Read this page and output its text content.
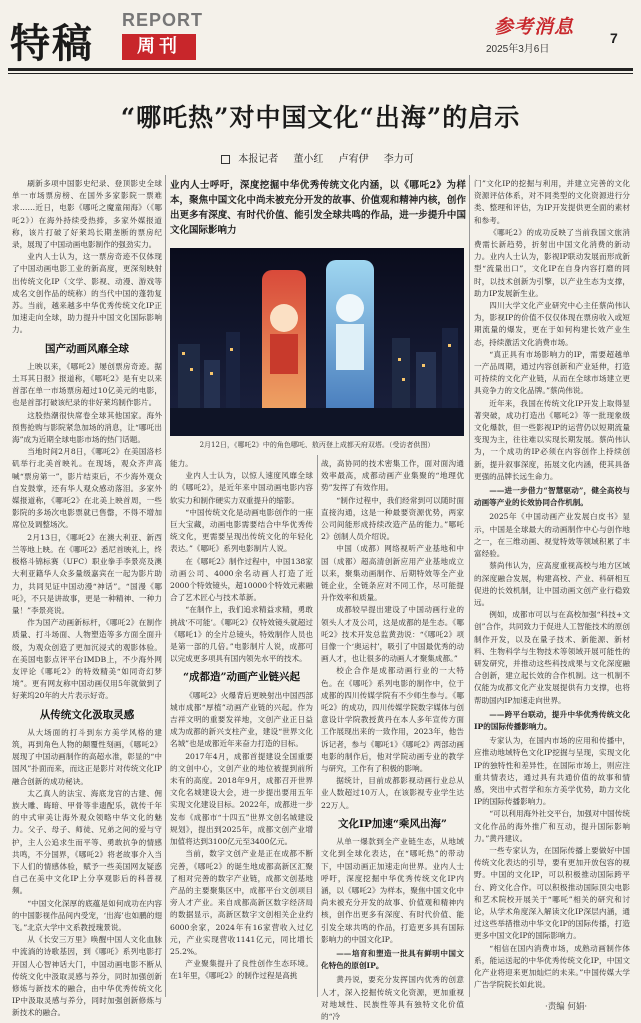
特稿 REPORT
周刊
参考消息
2025年3月6日
7
“哪吒热”对中国文化“出海”的启示
本报记者 董小红 卢宥伊 李力可
业内人士呼吁，深度挖掘中华优秀传统文化内涵，以《哪吒2》为样本，聚焦中国文化中尚未被充分开发的故事、价值观和精神内核，创作出更多有深度、有时代价值、能引发全球共鸣的作品，进一步提升中国文化国际影响力
2月12日，《哪吒2》中的角色哪吒、敖丙登上成都天府双塔。（受访者供图）

刷新多项中国影史纪录、登顶影史全球单一市场票房榜、在国外多家影院一票难求……近日，电影《哪吒之魔童闹海》（《哪吒2》）在海外持续受热捧，多家外媒报道称，该片打破了好莱坞长期垄断的票房纪录，展现了中国动画电影制作的强劲实力。

业内人士认为，这一票房奇迹不仅体现了中国动画电影工业的新高度，更深刻映射出传统文化IP（文学、影视、动漫、游戏等成名文创作品的统称）的当代中国的蓬勃复苏。当前，越来越多中华优秀传统文化IP正加速走向全球，助力提升中国文化国际影响力。

国产动画风靡全球

上映以来，《哪吒2》屡创票房奇迹。据土耳其日报》报道称，《哪吒2》是有史以来首部在单一市场票房超过10亿美元的电影，也是首部打破该纪录的非好莱坞制作影片。

这股热潮很快席卷全球其他国家。海外预售抢购与影院紧急加场的消息，让“哪吒出海”成为近期全球电影市场的热门话题。

当地时间2月8日，《哪吒2》在美国洛杉矶举行北美首映礼。在现场，观众齐声高喊“票房第一”，影片结束后，不少海外观众自发鼓掌，还有华人观众感动落泪。多家外媒报道称，《哪吒2》在北美上映首周，一些影院的多场次电影票就已售罄，不得不增加席位及调整场次。

2月13日，《哪吒2》在澳大利亚、新西兰等地上映。在《哪吒2》悉尼首映礼上，终极格斗锦标赛（UFC）职业拳手李景亮及澳大利亚籍华人众多量级嘉宾在一起为影片助力，共同见证中国动漫“神话”。“国漫《哪吒》，不只是讲故事，更是一种精神、一种力量！”李景亮说。

作为国产动画新标杆，《哪吒2》在制作质量、打斗场面、人物塑造等多方面全面升级，为观众创造了更加沉浸式的观影体验。在美国电影点评平台IMDB上，不少海外网友评论《哪吒2》的特效精美“如同奇幻梦境”。更有网友称中国动画仅用5年就做到了好莱坞20年的大片表示好奇。

从传统文化汲取灵感

从大场面的打斗到东方美学风格的建筑，再到角色人物的颠覆性刻画，《哪吒2》展现了中国动画制作的高超水准，彰显的“中国风”扑面而来，而这正是影片对传统文化IP融合创新的成功秘诀。

太乙真人的法宝、海底龙宫的古建、佣族大雕、晦暗、甲骨等非遗配乐，就传千年的中式审美让海外观众领略中华文化的魅力。父子、母子、师徒、兄弟之间的爱与守护，主人公追求生而平等、勇敢抗争的情感共鸣，不分国界，《哪吒2》将老故事介入当下人们的情感体验，赋予一些美国网友疑惑自己在美中文化IP上分享观影后的科普视频。

“中国文化深厚的底蕴是如何成功在内容的中国影视作品间内受宠，‘出海’也如鹏的翅飞。”北京大学中文系教授瑰景说。

从《长安三万里》唤醒中国人文化血脉中流淌的诗歌基因，到《哪吒》系列电影打开国人心智神话大门，中国动画电影不断从传统文化中汲取灵感与养分，同时加强创新修炼与新技术的融合，由中华优秀传统文化IP中汲取灵感与养分，同时加强创新修炼与新技术的融合。

能力。

业内人士认为，以惊人速度风靡全球的《哪吒2》，是近年来中国动画电影内容软实力和制作硬实力双重提升的缩影。

“中国传统文化是动画电影创作的一座巨大宝藏，动画电影需要结合中华优秀传统文化，更需要呈现出传统文化的年轻化表达。”《哪吒》系列电影制片人说。

在《哪吒2》制作过程中，中国138家动画公司、4000余名动画人打造了近2000个特效镜头，超10000个特效元素融合了艺术匠心与技术革新。

“在制作上，我们追求精益求精，勇敢挑战‘不可能’。《哪吒2》仅特效镜头就超过《哪吒1》的全片总镜头，特效制作人员也是第一部的几倍。”电影制片人说，成都可以完成更多项具有国内领先水平的技术。

“成都造”动画产业链兴起

《哪吒2》火爆背后更映射出中国西部城市成都“厚植”动画产业链的兴起。作为吉祥文明的重要发祥地，文创产业正日益成为成都的新兴支柱产业，建设“世界文化名城”也是成都近年来奋力打造的目标。

2017年4月，成都首提建设全国重要的文创中心，文创产业的地位被提到前所未有的高度。2018年9月，成都召开世界文化名城建设大会，进一步提出要用五年实现文化建设目标。2022年，成都进一步发布《成都市“十四五”世界文创名城建设规划》，提出到2025年，成都文创产业增加值将达到3100亿元至3400亿元。

当前，数字文创产业是正在成都不断完善，《哪吒2》的诞生地成都高新区汇聚了相对完善的数字产业链，成都文创基地产品的主要聚集区中，成都平台文创项目旁人才产业。来自成都高新区数字经济局的数据显示，高新区数字文创相关企业约6000余家，2024年有16家营收入过亿元，产业实现营收1141亿元，同比增长25.2%。

产业聚集提升了良性创作生态环境。在1年里，《哪吒2》的制作过程是高挑

战，高协同的技术密集工作，面对面沟通效率最高，成都动画产业集聚的“地理优势”发挥了有效作用。

“制作过程中，我们经常到可以随时面直接沟通，这是一种最要资源优势，两家公司间能形成持续改造产品的能力。”哪吒2》创制人员介绍说。

中国（成都）网络视听产业基地和中国（成都）超高清创新应用产业基地成立以来，聚集动画制作、后期特效等全产业链企业，全链条应对不同工作，尽可能提升作效率和质量。

成都较早提出建设了中国动画行业的领头人才及公司，这是成都的是生态。《哪吒2》技术开发总监黄劲说：“《哪吒2》项目像一个‘奥运村’，吸引了中国最优秀的动画人才，也让很多的动画人才聚集成都。”

校企合作是成都动画行业的一大特色。在《哪吒》系列电影的制作中，位于成都的四川传媒学院有不少师生参与。《哪吒2》的成功，四川传媒学院数字媒体与创意设计学院教授黄丹在本人多年宣传方面工作展现出来的一致作用，2023年，他告诉记者，参与《哪吒1》《哪吒2》两部动画电影的制作后，他对学院动画专业的教学与研究，工作有了积极的影响。

据统计，目前成都影视动画行业总从业人数超过10万人，在该影视专业学生达22万人。

文化IP加速“乘风出海”

从单一爆款到全产业链生态，从地域文化到全球化表达，在“哪吒热”的带动下，中国动画正加速走向世界。业内人士呼吁，深度挖掘中华优秀传统文化IP内涵，以《哪吒2》为样本，聚焦中国文化中尚未被充分开发的故事、价值观和精神内核，创作出更多有深度、有时代价值、能引发全球共鸣的作品，打造更多具有国际影响力的中国文化IP。

——培育和塑造一批具有鲜明中国文化特色的原创IP。

黄丹说，要充分发挥国内优秀的创意人才，深入挖掘传统文化资源，更加重视对地域性、民族性等具有独特文化价值的“冷

门”文化IP的挖掘与利用，并建立完善的文化资源评估体系，对不同类型的文化资源进行分类、整理和评估，为IP开发提供更全面的素材和参考。

《哪吒2》的成功反映了当前我国文旅消费需长新趋势，折射出中国文化消费的新动力。业内人士认为，影视IP联动发展而形成新型“流量出口”，文化IP在自身内容打磨的同时，以技术创新为引擎，以产业生态为支撑，助力IP发展新生业。

四川大学文化产业研究中心主任蔡尚伟认为，影视IP的价值不仅仅体现在票房收入或短期流量的爆发，更在于如何构建长效产业生态，持续激活文化消费市场。

“真正具有市场影响力的IP，需要超越单一产品周期，通过内容创新和产业延伸，打造可持续的文化产业链，从而在全球市场建立更具竞争力的文化品牌。”蔡尚伟说。

近年来，我国在传统文化IP开发上取得显著突破，成功打造出《哪吒2》等一批现象级文化爆款，但一些影视IP的运营仍以短期流量变现为主，往往难以实现长期发展。蔡尚伟认为，一个成功的IP必须在内容创作上持续创新，提升叙事深度，拓展文化内涵，使其具备更强的品牌长远生命力。

——进一步借力“智慧驱动”，健全高校与动画等产业的长效协同合作机制。

2025年《中国动画产业发展白皮书》显示，中国是全球最大的动画制作中心与创作地之一，在三维动画、视觉特效等领域积累了丰富经验。

蔡尚伟认为，应高度重视高校与地方区域的深度融合发展，构建高校、产业、科研相互促进的长效机制，让中国动画文创产业行稳致远。

例如，成都市可以与在高校加强“科技+文创”合作，共同致力于促进人工智能技术的原创制作开发，以及在量子技术、新能源、新材料、生物科学与生物技术等领域开展可能性的研发研究，并推动这些科技成果与文化深度融合创新，建立起长效的合作机制。这一机制不仅能为成都文化产业发展提供有力支撑，也将帮助国内IP加速走向世界。

——跨平台联动，提升中华优秀传统文化IP的国际传播影响力。

专家认为，在国内市场的应用和传播中，应推动地域特色文化IP挖掘与呈现，实现文化IP的独特性和差异性，在国际市场上，则应注重共情表达，通过具有共通价值的故事和情感，突出中式哲学和东方美学优势，助力文化IP的国际传播影响力。

“可以利用海外社交平台，加强对中国传统文化作品的海外推广和互动，提升国际影响力。”黄丹建议。

一些专家认为，在国际传播上要做好中国传统文化表达的引导，要有更加开放包容的视野。中国的文化IP，可以积极推动国际跨平台、跨文化合作。可以积极推动国际顶尖电影和艺术院校开展关于“哪吒”相关的研究和讨论，从学术角度深入解读文化IP深层内涵，通过这些举措推动中华文化IP的国际传播，打造更多中国文化IP的国际影响力。

“相信在国内消费市场，成熟动画制作体系，能运送起的中华优秀传统文化IP，中国文化产业将迎来更加灿烂的未来。”中国传媒大学广告学院院长如此说。

·责编 何娟·
